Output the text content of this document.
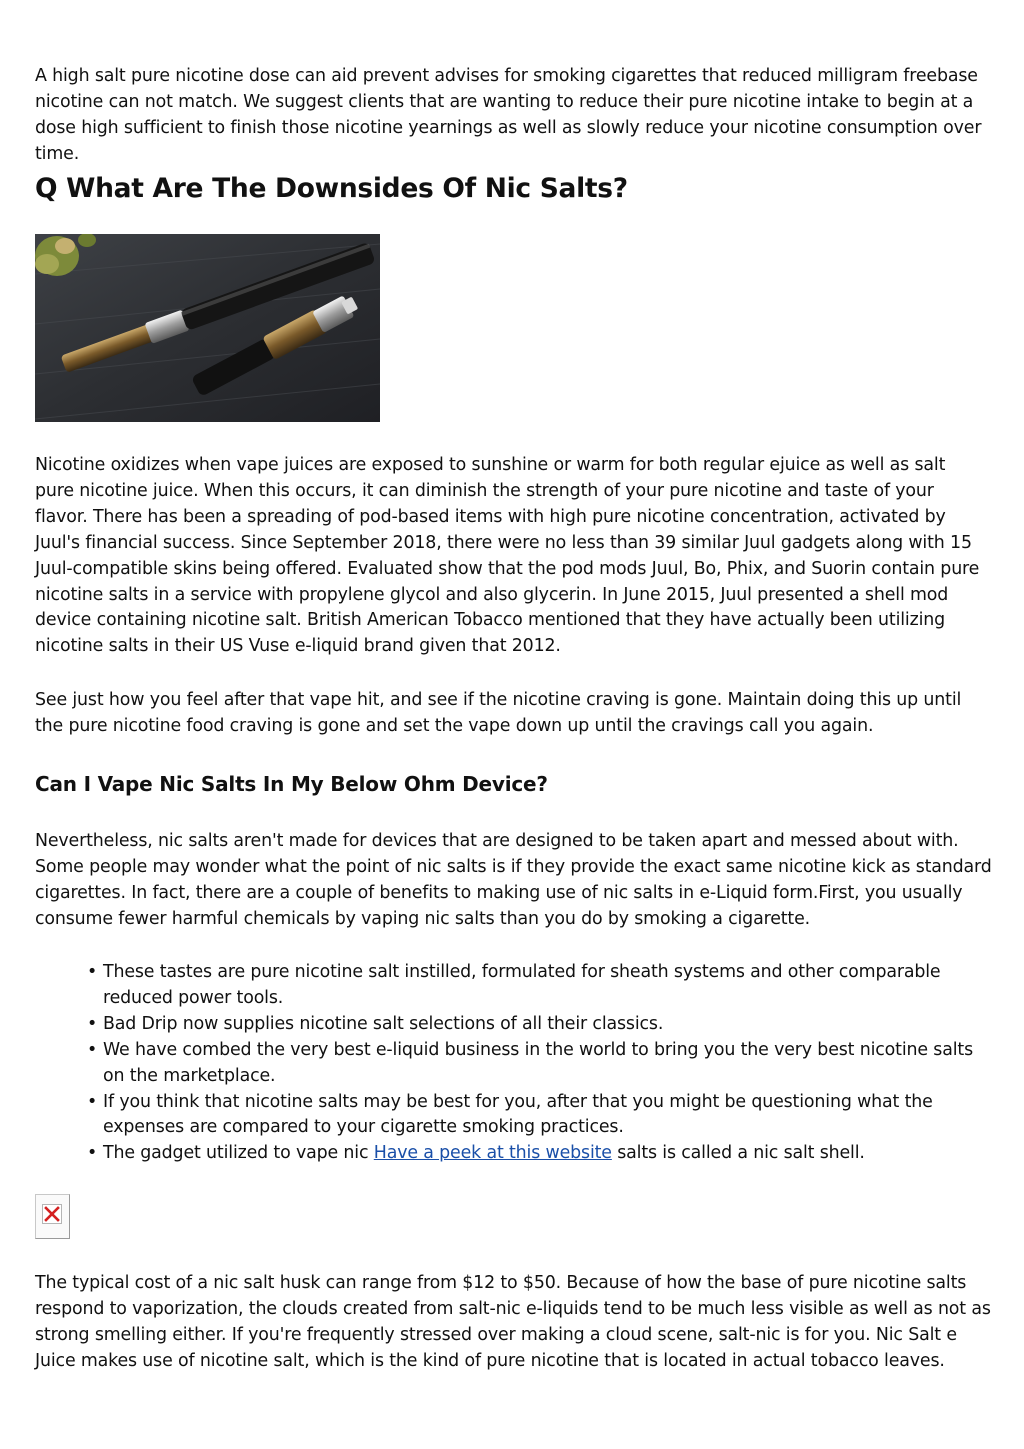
A high salt pure nicotine dose can aid prevent advises for smoking cigarettes that reduced milligram freebase nicotine can not match. We suggest clients that are wanting to reduce their pure nicotine intake to begin at a dose high sufficient to finish those nicotine yearnings as well as slowly reduce your nicotine consumption over time.

Q What Are The Downsides Of Nic Salts?

Nicotine oxidizes when vape juices are exposed to sunshine or warm for both regular ejuice as well as salt pure nicotine juice. When this occurs, it can diminish the strength of your pure nicotine and taste of your flavor. There has been a spreading of pod-based items with high pure nicotine concentration, activated by Juul's financial success. Since September 2018, there were no less than 39 similar Juul gadgets along with 15 Juul-compatible skins being offered. Evaluated show that the pod mods Juul, Bo, Phix, and Suorin contain pure nicotine salts in a service with propylene glycol and also glycerin. In June 2015, Juul presented a shell mod device containing nicotine salt. British American Tobacco mentioned that they have actually been utilizing nicotine salts in their US Vuse e-liquid brand given that 2012.

See just how you feel after that vape hit, and see if the nicotine craving is gone. Maintain doing this up until the pure nicotine food craving is gone and set the vape down up until the cravings call you again.

Can I Vape Nic Salts In My Below Ohm Device?

Nevertheless, nic salts aren't made for devices that are designed to be taken apart and messed about with. Some people may wonder what the point of nic salts is if they provide the exact same nicotine kick as standard cigarettes. In fact, there are a couple of benefits to making use of nic salts in e-Liquid form.First, you usually consume fewer harmful chemicals by vaping nic salts than you do by smoking a cigarette.

• These tastes are pure nicotine salt instilled, formulated for sheath systems and other comparable reduced power tools.
• Bad Drip now supplies nicotine salt selections of all their classics.
• We have combed the very best e-liquid business in the world to bring you the very best nicotine salts on the marketplace.
• If you think that nicotine salts may be best for you, after that you might be questioning what the expenses are compared to your cigarette smoking practices.
• The gadget utilized to vape nic Have a peek at this website salts is called a nic salt shell.

The typical cost of a nic salt husk can range from $12 to $50. Because of how the base of pure nicotine salts respond to vaporization, the clouds created from salt-nic e-liquids tend to be much less visible as well as not as strong smelling either. If you're frequently stressed over making a cloud scene, salt-nic is for you. Nic Salt e Juice makes use of nicotine salt, which is the kind of pure nicotine that is located in actual tobacco leaves.
